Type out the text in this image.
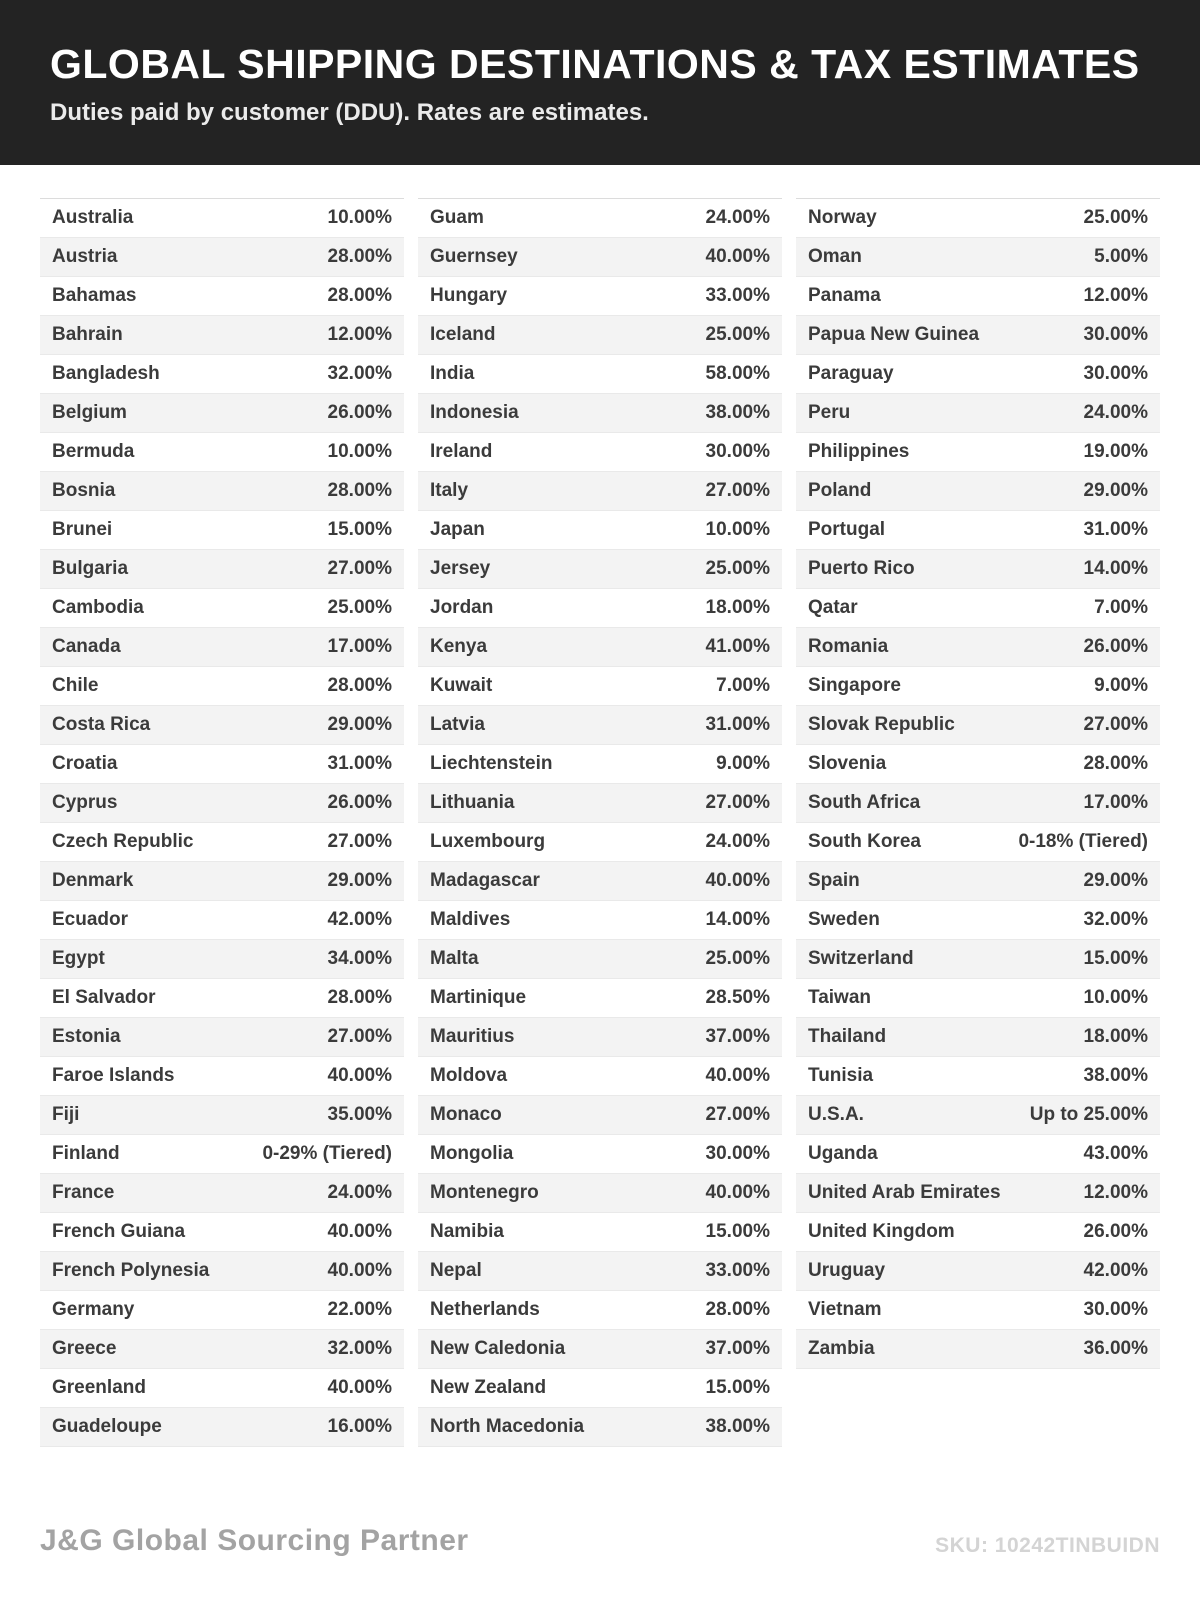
GLOBAL SHIPPING DESTINATIONS & TAX ESTIMATES
Duties paid by customer (DDU). Rates are estimates.
Australia	10.00%
Austria	28.00%
Bahamas	28.00%
Bahrain	12.00%
Bangladesh	32.00%
Belgium	26.00%
Bermuda	10.00%
Bosnia	28.00%
Brunei	15.00%
Bulgaria	27.00%
Cambodia	25.00%
Canada	17.00%
Chile	28.00%
Costa Rica	29.00%
Croatia	31.00%
Cyprus	26.00%
Czech Republic	27.00%
Denmark	29.00%
Ecuador	42.00%
Egypt	34.00%
El Salvador	28.00%
Estonia	27.00%
Faroe Islands	40.00%
Fiji	35.00%
Finland	0-29% (Tiered)
France	24.00%
French Guiana	40.00%
French Polynesia	40.00%
Germany	22.00%
Greece	32.00%
Greenland	40.00%
Guadeloupe	16.00%
Guam	24.00%
Guernsey	40.00%
Hungary	33.00%
Iceland	25.00%
India	58.00%
Indonesia	38.00%
Ireland	30.00%
Italy	27.00%
Japan	10.00%
Jersey	25.00%
Jordan	18.00%
Kenya	41.00%
Kuwait	7.00%
Latvia	31.00%
Liechtenstein	9.00%
Lithuania	27.00%
Luxembourg	24.00%
Madagascar	40.00%
Maldives	14.00%
Malta	25.00%
Martinique	28.50%
Mauritius	37.00%
Moldova	40.00%
Monaco	27.00%
Mongolia	30.00%
Montenegro	40.00%
Namibia	15.00%
Nepal	33.00%
Netherlands	28.00%
New Caledonia	37.00%
New Zealand	15.00%
North Macedonia	38.00%
Norway	25.00%
Oman	5.00%
Panama	12.00%
Papua New Guinea	30.00%
Paraguay	30.00%
Peru	24.00%
Philippines	19.00%
Poland	29.00%
Portugal	31.00%
Puerto Rico	14.00%
Qatar	7.00%
Romania	26.00%
Singapore	9.00%
Slovak Republic	27.00%
Slovenia	28.00%
South Africa	17.00%
South Korea	0-18% (Tiered)
Spain	29.00%
Sweden	32.00%
Switzerland	15.00%
Taiwan	10.00%
Thailand	18.00%
Tunisia	38.00%
U.S.A.	Up to 25.00%
Uganda	43.00%
United Arab Emirates	12.00%
United Kingdom	26.00%
Uruguay	42.00%
Vietnam	30.00%
Zambia	36.00%
J&G Global Sourcing Partner	SKU: 10242TINBUIDN
